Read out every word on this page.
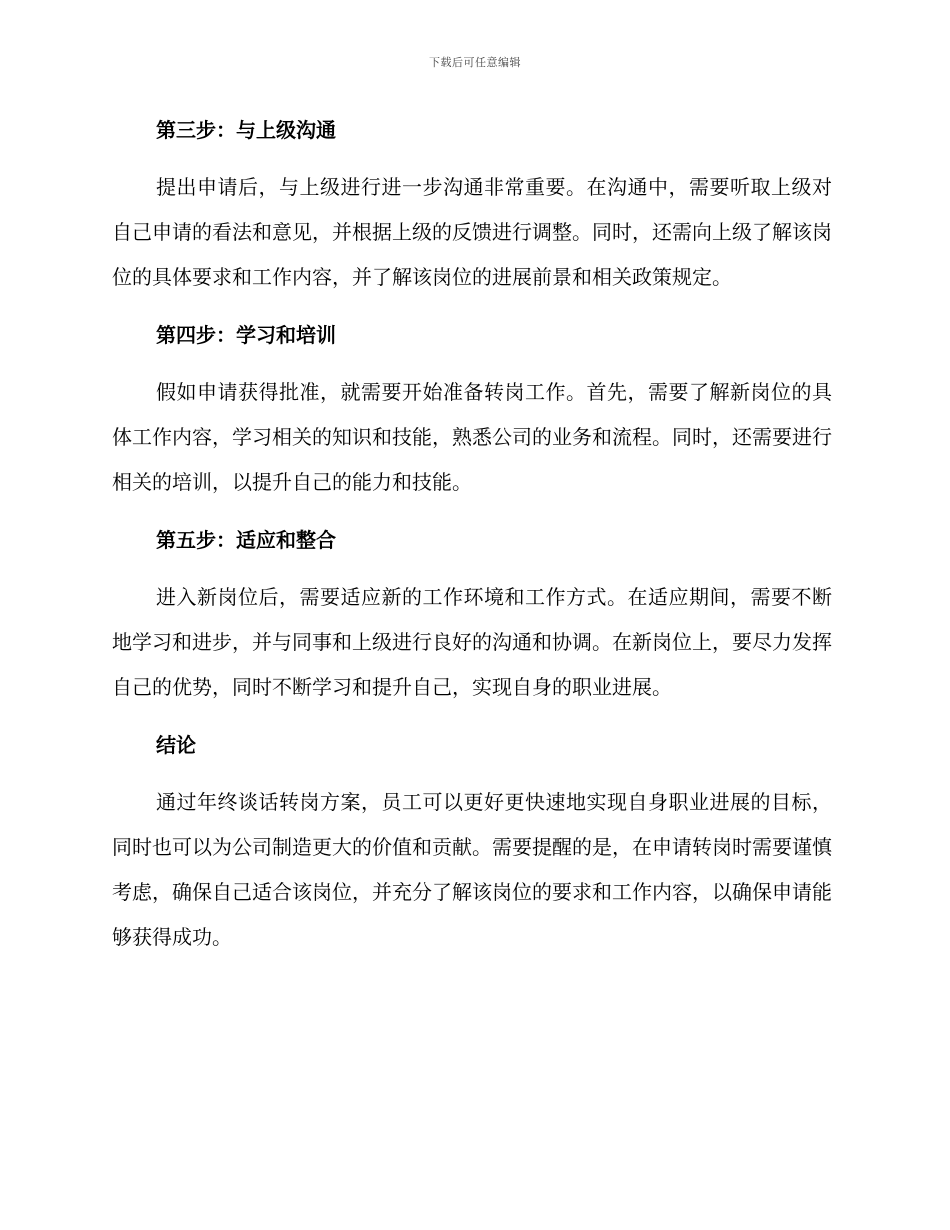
下载后可任意编辑
第三步：与上级沟通

提出申请后，与上级进行进一步沟通非常重要。在沟通中，需要听取上级对自己申请的看法和意见，并根据上级的反馈进行调整。同时，还需向上级了解该岗位的具体要求和工作内容，并了解该岗位的进展前景和相关政策规定。

第四步：学习和培训

假如申请获得批准，就需要开始准备转岗工作。首先，需要了解新岗位的具体工作内容，学习相关的知识和技能，熟悉公司的业务和流程。同时，还需要进行相关的培训，以提升自己的能力和技能。

第五步：适应和整合

进入新岗位后，需要适应新的工作环境和工作方式。在适应期间，需要不断地学习和进步，并与同事和上级进行良好的沟通和协调。在新岗位上，要尽力发挥自己的优势，同时不断学习和提升自己，实现自身的职业进展。

结论

通过年终谈话转岗方案，员工可以更好更快速地实现自身职业进展的目标，同时也可以为公司制造更大的价值和贡献。需要提醒的是，在申请转岗时需要谨慎考虑，确保自己适合该岗位，并充分了解该岗位的要求和工作内容，以确保申请能够获得成功。
